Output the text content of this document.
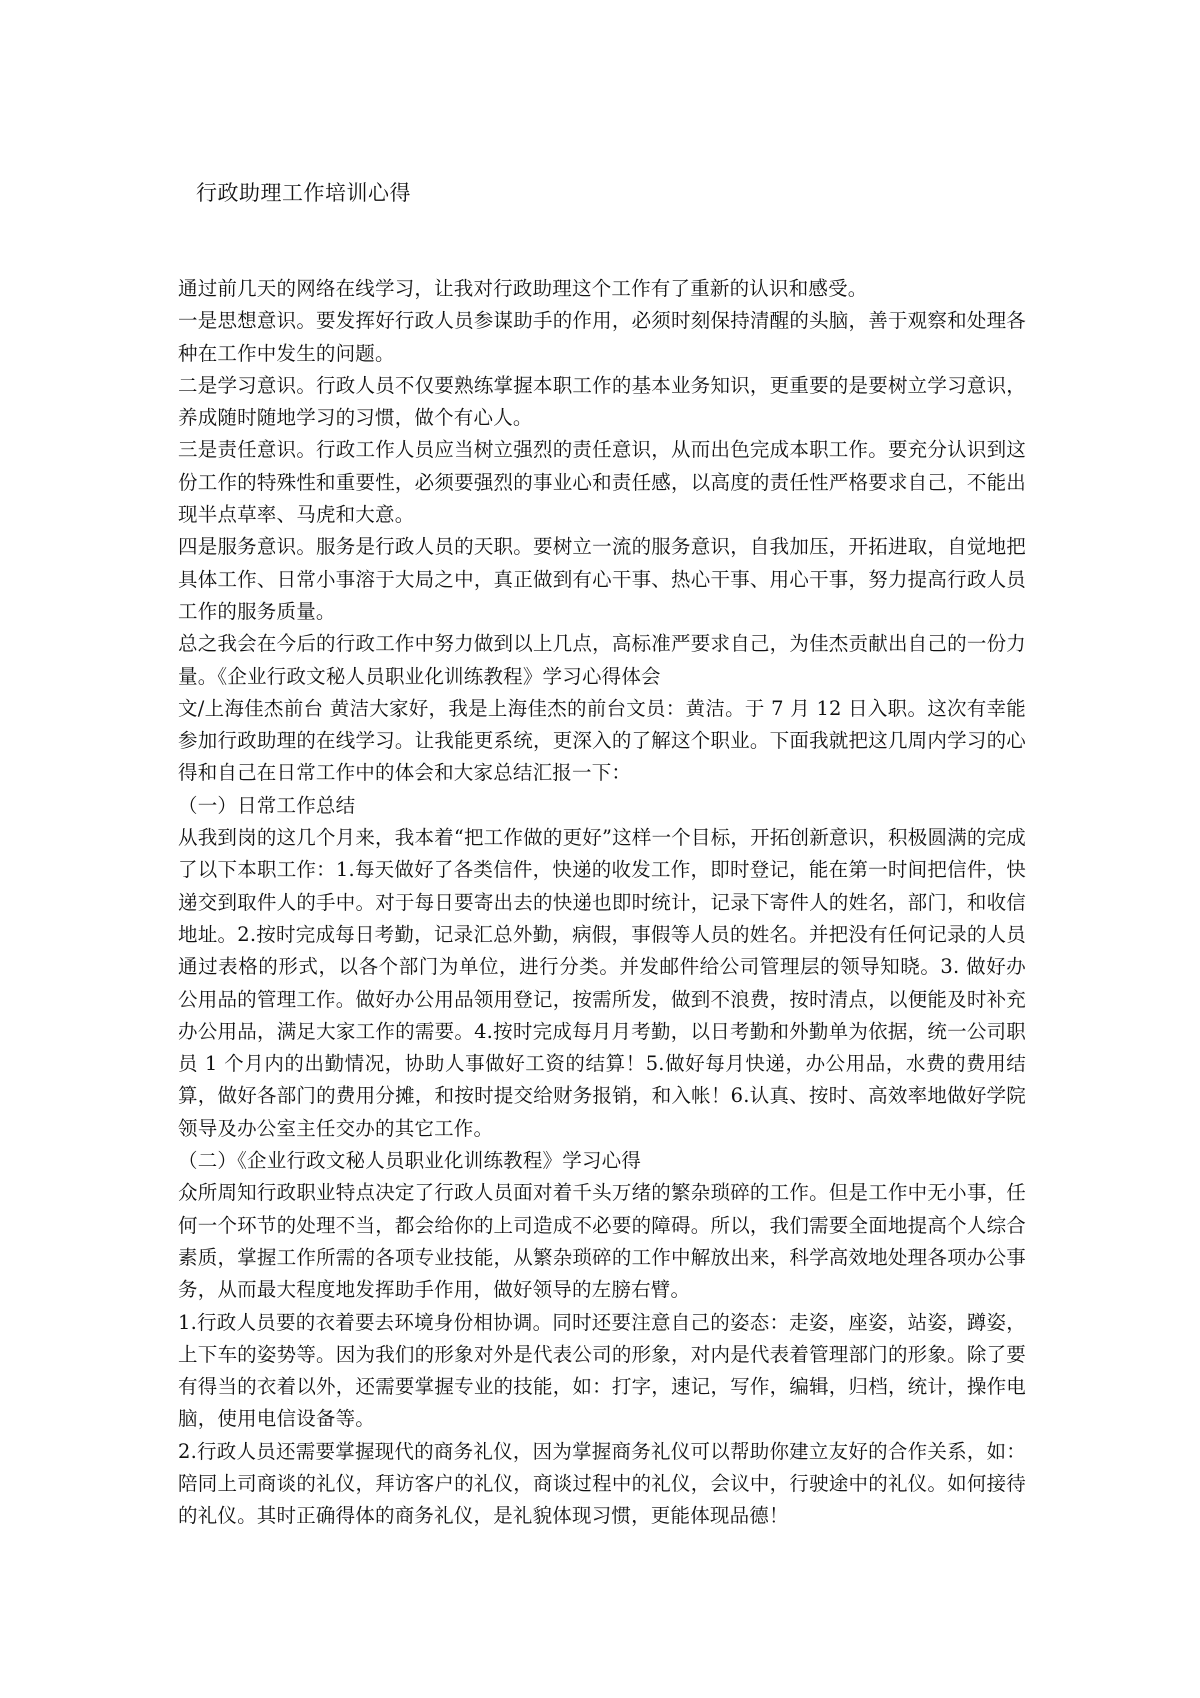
行政助理工作培训心得

通过前几天的网络在线学习，让我对行政助理这个工作有了重新的认识和感受。

一是思想意识。要发挥好行政人员参谋助手的作用，必须时刻保持清醒的头脑，善于观察和处理各种在工作中发生的问题。

二是学习意识。行政人员不仅要熟练掌握本职工作的基本业务知识，更重要的是要树立学习意识，养成随时随地学习的习惯，做个有心人。

三是责任意识。行政工作人员应当树立强烈的责任意识，从而出色完成本职工作。要充分认识到这份工作的特殊性和重要性，必须要强烈的事业心和责任感，以高度的责任性严格要求自己，不能出现半点草率、马虎和大意。

四是服务意识。服务是行政人员的天职。要树立一流的服务意识，自我加压，开拓进取，自觉地把具体工作、日常小事溶于大局之中，真正做到有心干事、热心干事、用心干事，努力提高行政人员工作的服务质量。

总之我会在今后的行政工作中努力做到以上几点，高标准严要求自己，为佳杰贡献出自己的一份力量。《企业行政文秘人员职业化训练教程》学习心得体会

文/上海佳杰前台 黄洁大家好，我是上海佳杰的前台文员：黄洁。于 7 月 12 日入职。这次有幸能参加行政助理的在线学习。让我能更系统，更深入的了解这个职业。下面我就把这几周内学习的心得和自己在日常工作中的体会和大家总结汇报一下：

（一）日常工作总结

从我到岗的这几个月来，我本着“把工作做的更好”这样一个目标，开拓创新意识，积极圆满的完成了以下本职工作：1.每天做好了各类信件，快递的收发工作，即时登记，能在第一时间把信件，快递交到取件人的手中。对于每日要寄出去的快递也即时统计，记录下寄件人的姓名，部门，和收信地址。2.按时完成每日考勤，记录汇总外勤，病假，事假等人员的姓名。并把没有任何记录的人员通过表格的形式，以各个部门为单位，进行分类。并发邮件给公司管理层的领导知晓。3. 做好办公用品的管理工作。做好办公用品领用登记，按需所发，做到不浪费，按时清点，以便能及时补充办公用品，满足大家工作的需要。4.按时完成每月月考勤，以日考勤和外勤单为依据，统一公司职员 1 个月内的出勤情况，协助人事做好工资的结算！5.做好每月快递，办公用品，水费的费用结算，做好各部门的费用分摊，和按时提交给财务报销，和入帐！6.认真、按时、高效率地做好学院领导及办公室主任交办的其它工作。

（二）《企业行政文秘人员职业化训练教程》学习心得

众所周知行政职业特点决定了行政人员面对着千头万绪的繁杂琐碎的工作。但是工作中无小事，任何一个环节的处理不当，都会给你的上司造成不必要的障碍。所以，我们需要全面地提高个人综合素质，掌握工作所需的各项专业技能，从繁杂琐碎的工作中解放出来，科学高效地处理各项办公事务，从而最大程度地发挥助手作用，做好领导的左膀右臂。

1.行政人员要的衣着要去环境身份相协调。同时还要注意自己的姿态：走姿，座姿，站姿，蹲姿，上下车的姿势等。因为我们的形象对外是代表公司的形象，对内是代表着管理部门的形象。除了要有得当的衣着以外，还需要掌握专业的技能，如：打字，速记，写作，编辑，归档，统计，操作电脑，使用电信设备等。

2.行政人员还需要掌握现代的商务礼仪，因为掌握商务礼仪可以帮助你建立友好的合作关系，如：陪同上司商谈的礼仪，拜访客户的礼仪，商谈过程中的礼仪，会议中，行驶途中的礼仪。如何接待的礼仪。其时正确得体的商务礼仪，是礼貌体现习惯，更能体现品德！
